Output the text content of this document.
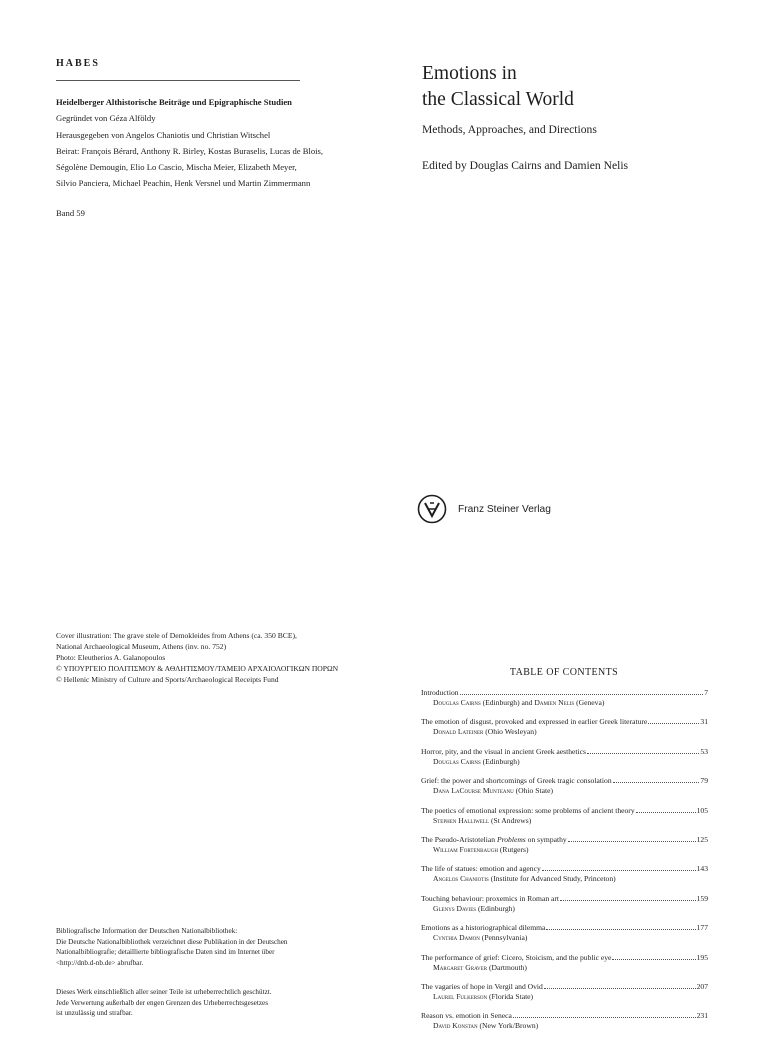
HABES
Heidelberger Althistorische Beiträge und Epigraphische Studien
Gegründet von Géza Alföldy
Herausgegeben von Angelos Chaniotis und Christian Witschel
Beirat: François Bérard, Anthony R. Birley, Kostas Buraselis, Lucas de Blois,
Ségolène Demougin, Elio Lo Cascio, Mischa Meier, Elizabeth Meyer,
Silvio Panciera, Michael Peachin, Henk Versnel und Martin Zimmermann
Band 59
Emotions in
the Classical World
Methods, Approaches, and Directions
Edited by Douglas Cairns and Damien Nelis
Franz Steiner Verlag
Cover illustration: The grave stele of Demokleides from Athens (ca. 350 BCE),
National Archaeological Museum, Athens (inv. no. 752)
Photo: Eleutherios A. Galanopoulos
© ΥΠΟΥΡΓΕΙΟ ΠΟΛΙΤΙΣΜΟΥ & ΑΘΛΗΤΙΣΜΟΥ/ΤΑΜΕΙΟ ΑΡΧΑΙΟΛΟΓΙΚΩΝ ΠΟΡΩΝ
© Hellenic Ministry of Culture and Sports/Archaeological Receipts Fund
Bibliografische Information der Deutschen Nationalbibliothek:
Die Deutsche Nationalbibliothek verzeichnet diese Publikation in der Deutschen
Nationalbibliografie; detaillierte bibliografische Daten sind im Internet über
<http://dnb.d-nb.de> abrufbar.
Dieses Werk einschließlich aller seiner Teile ist urheberrechtlich geschützt.
Jede Verwertung außerhalb der engen Grenzen des Urheberrechtsgesetzes
ist unzulässig und strafbar.
TABLE OF CONTENTS
Introduction	7
Douglas Cairns (Edinburgh) and Damien Nelis (Geneva)
The emotion of disgust, provoked and expressed in earlier Greek literature	31
Donald Lateiner (Ohio Wesleyan)
Horror, pity, and the visual in ancient Greek aesthetics	53
Douglas Cairns (Edinburgh)
Grief: the power and shortcomings of Greek tragic consolation	79
Dana LaCourse Munteanu (Ohio State)
The poetics of emotional expression: some problems of ancient theory	105
Stephen Halliwell (St Andrews)
The Pseudo-Aristotelian Problems on sympathy	125
William Fortenbaugh (Rutgers)
The life of statues: emotion and agency	143
Angelos Chaniotis (Institute for Advanced Study, Princeton)
Touching behaviour: proxemics in Roman art	159
Glenys Davies (Edinburgh)
Emotions as a historiographical dilemma	177
Cynthia Damon (Pennsylvania)
The performance of grief: Cicero, Stoicism, and the public eye	195
Margaret Graver (Dartmouth)
The vagaries of hope in Vergil and Ovid	207
Laurel Fulkerson (Florida State)
Reason vs. emotion in Seneca	231
David Konstan (New York/Brown)
